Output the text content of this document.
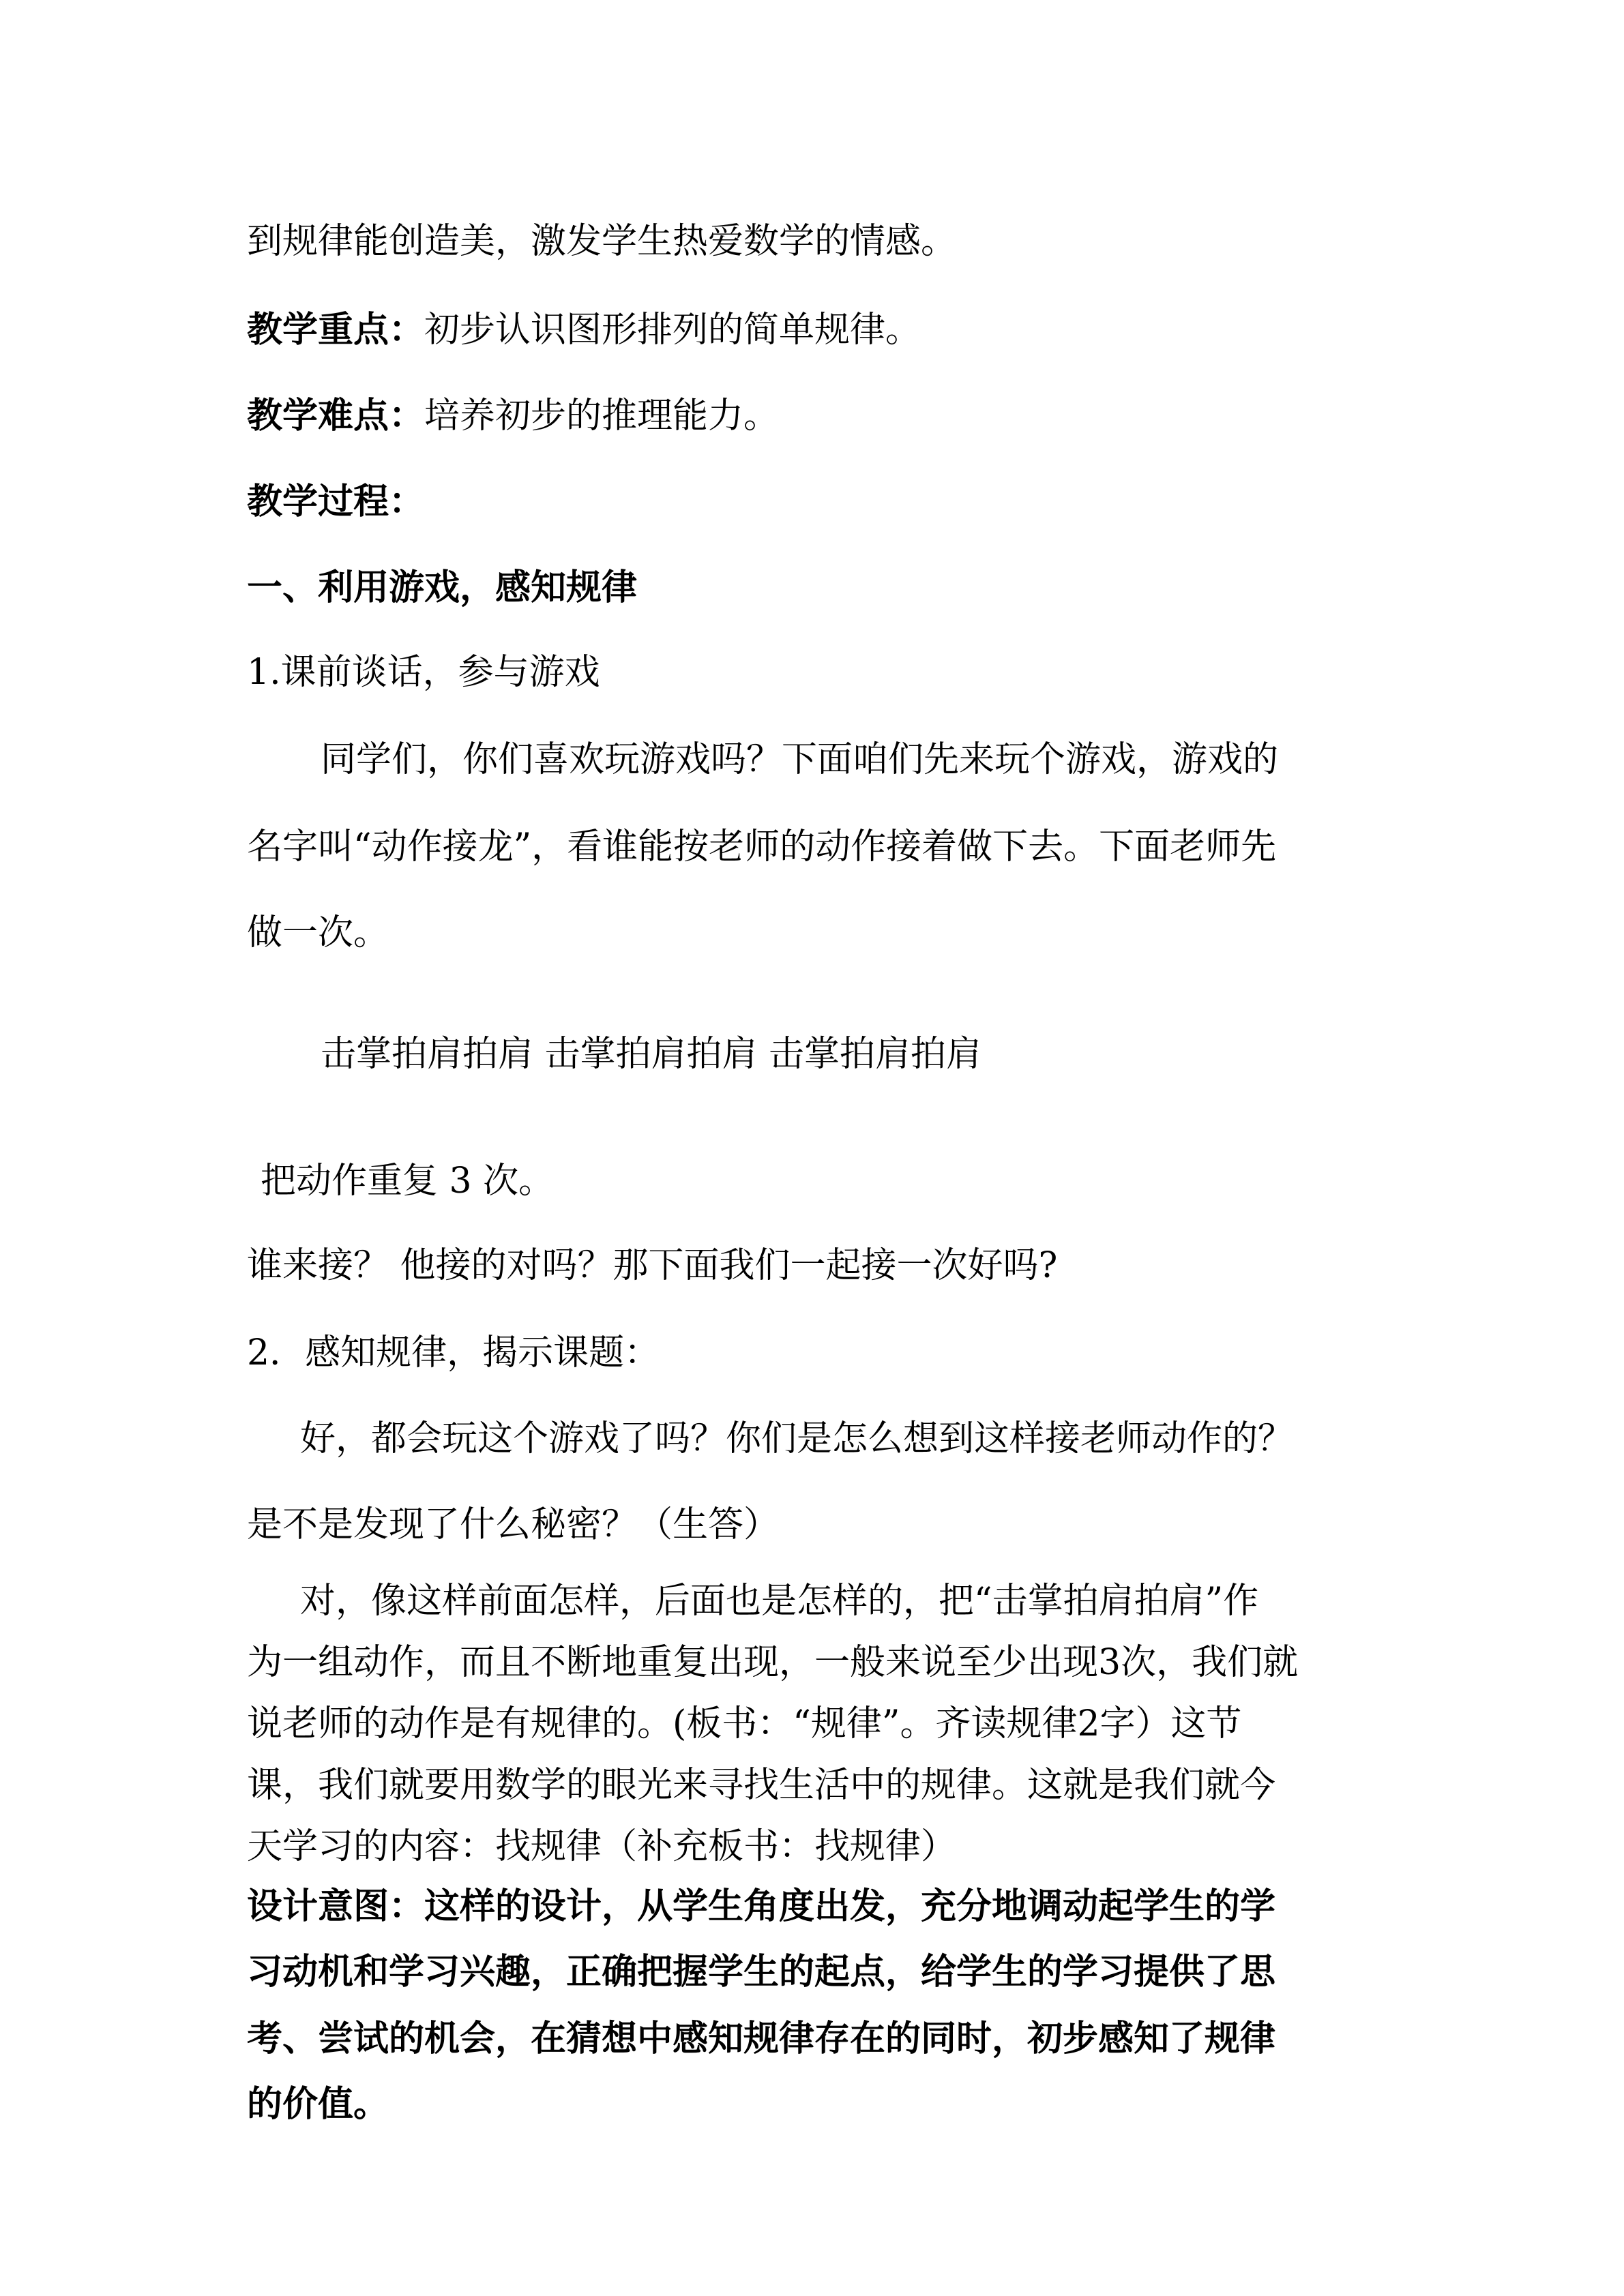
到规律能创造美，激发学生热爱数学的情感。
教学重点：初步认识图形排列的简单规律。
教学难点：培养初步的推理能力。
教学过程：
一、利用游戏，感知规律
1.课前谈话，参与游戏
同学们，你们喜欢玩游戏吗？下面咱们先来玩个游戏，游戏的
名字叫“动作接龙”，看谁能按老师的动作接着做下去。下面老师先
做一次。
击掌拍肩拍肩 击掌拍肩拍肩 击掌拍肩拍肩
把动作重复 3 次。
谁来接？ 他接的对吗？那下面我们一起接一次好吗?
2．感知规律，揭示课题：
好，都会玩这个游戏了吗？你们是怎么想到这样接老师动作的？
是不是发现了什么秘密？（生答）
对，像这样前面怎样，后面也是怎样的，把“击掌拍肩拍肩”作
为一组动作，而且不断地重复出现，一般来说至少出现3次，我们就
说老师的动作是有规律的。(板书：“规律”。齐读规律2字）这节
课，我们就要用数学的眼光来寻找生活中的规律。这就是我们就今
天学习的内容：找规律（补充板书：找规律）
设计意图：这样的设计，从学生角度出发，充分地调动起学生的学
习动机和学习兴趣，正确把握学生的起点，给学生的学习提供了思
考、尝试的机会，在猜想中感知规律存在的同时，初步感知了规律
的价值。
